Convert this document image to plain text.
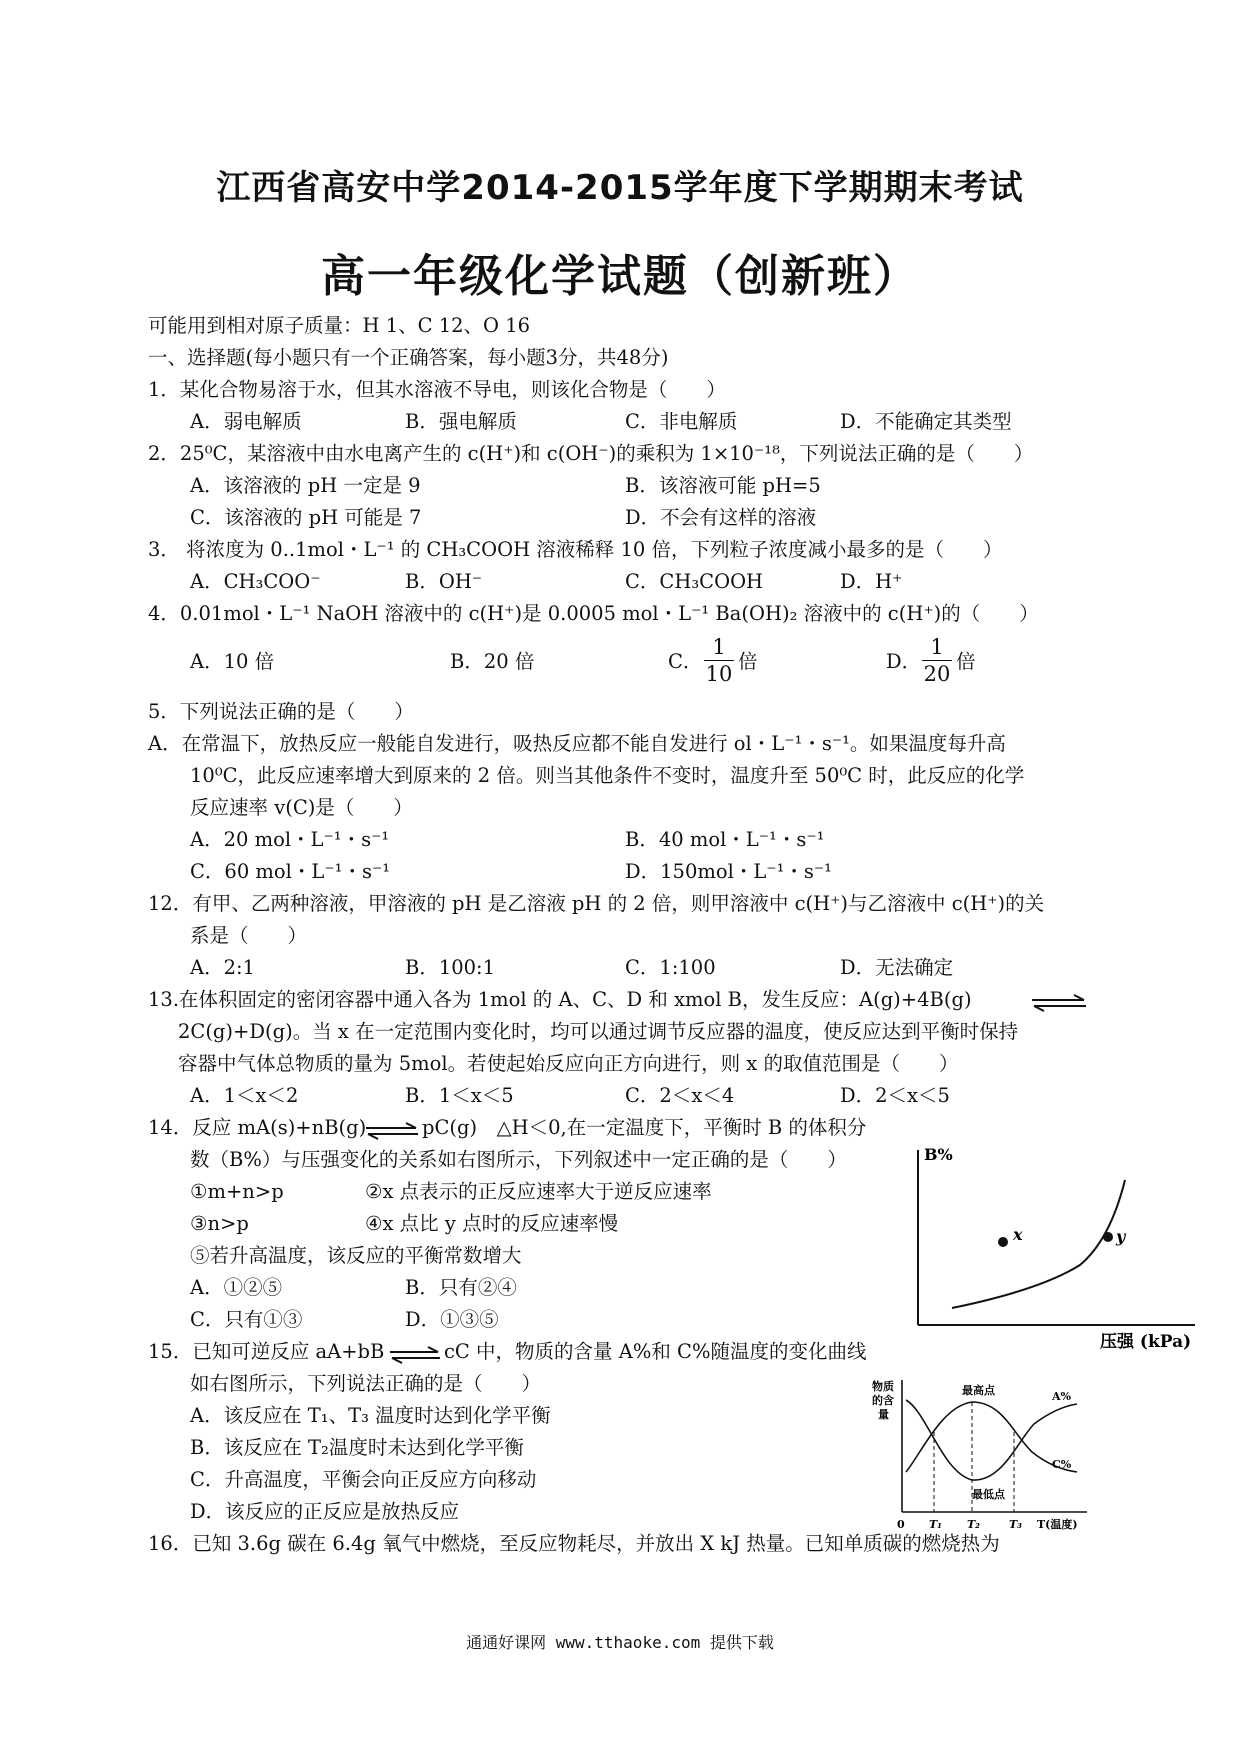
江西省高安中学2014-2015学年度下学期期末考试
高一年级化学试题（创新班）
可能用到相对原子质量：H 1、C 12、O 16
一、选择题(每小题只有一个正确答案，每小题3分，共48分)
1．某化合物易溶于水，但其水溶液不导电，则该化合物是（　　）
A．弱电解质	B．强电解质	C．非电解质	D．不能确定其类型
2．25⁰C，某溶液中由水电离产生的 c(H⁺)和 c(OH⁻)的乘积为 1×10⁻¹⁸，下列说法正确的是（　　）
A．该溶液的 pH 一定是 9	B．该溶液可能 pH=5
C．该溶液的 pH 可能是 7	D．不会有这样的溶液
3． 将浓度为 0..1mol・L⁻¹ 的 CH₃COOH 溶液稀释 10 倍，下列粒子浓度减小最多的是（　　）
A．CH₃COO⁻	B．OH⁻	C．CH₃COOH	D．H⁺
4．0.01mol・L⁻¹ NaOH 溶液中的 c(H⁺)是 0.0005 mol・L⁻¹ Ba(OH)₂ 溶液中的 c(H⁺)的（　　）
A．10 倍	B．20 倍	C． $\frac{1}{10}$ 倍	D． $\frac{1}{20}$ 倍
5．下列说法正确的是（　　）
A．在常温下，放热反应一般能自发进行，吸热反应都不能自发进行 ol・L⁻¹・s⁻¹。如果温度每升高
10⁰C，此反应速率增大到原来的 2 倍。则当其他条件不变时，温度升至 50⁰C 时，此反应的化学
反应速率 v(C)是（　　）
A．20 mol・L⁻¹・s⁻¹	B．40 mol・L⁻¹・s⁻¹
C．60 mol・L⁻¹・s⁻¹	D．150mol・L⁻¹・s⁻¹
12．有甲、乙两种溶液，甲溶液的 pH 是乙溶液 pH 的 2 倍，则甲溶液中 c(H⁺)与乙溶液中 c(H⁺)的关
系是（　　）
A．2:1	B．100:1	C．1:100	D．无法确定
13.在体积固定的密闭容器中通入各为 1mol 的 A、C、D 和 xmol B，发生反应：A(g)+4B(g)
2C(g)+D(g)。当 x 在一定范围内变化时，均可以通过调节反应器的温度，使反应达到平衡时保持
容器中气体总物质的量为 5mol。若使起始反应向正方向进行，则 x 的取值范围是（　　）
A．1＜x＜2	B．1＜x＜5	C．2＜x＜4	D．2＜x＜5
14．反应 mA(s)+nB(g) ⇌ pC(g)　△H＜0,在一定温度下，平衡时 B 的体积分
数（B%）与压强变化的关系如右图所示，下列叙述中一定正确的是（　　）
①m+n>p	②x 点表示的正反应速率大于逆反应速率
③n>p	④x 点比 y 点时的反应速率慢
⑤若升高温度，该反应的平衡常数增大
A．①②⑤	B．只有②④
C．只有①③	D．①③⑤
B%
x	y
压强 (kPa)
15．已知可逆反应 aA+bB ⇌ cC 中，物质的含量 A%和 C%随温度的变化曲线
如右图所示，下列说法正确的是（　　）
A．该反应在 T₁、T₃ 温度时达到化学平衡
B．该反应在 T₂温度时未达到化学平衡
C．升高温度，平衡会向正反应方向移动
D．该反应的正反应是放热反应
物质
的含
量
最高点
最低点
A%
C%
0 T₁ T₂	T₃ T(温度)
16．已知 3.6g 碳在 6.4g 氧气中燃烧，至反应物耗尽，并放出 X kJ 热量。已知单质碳的燃烧热为
通通好课网 www.tthaoke.com 提供下载
